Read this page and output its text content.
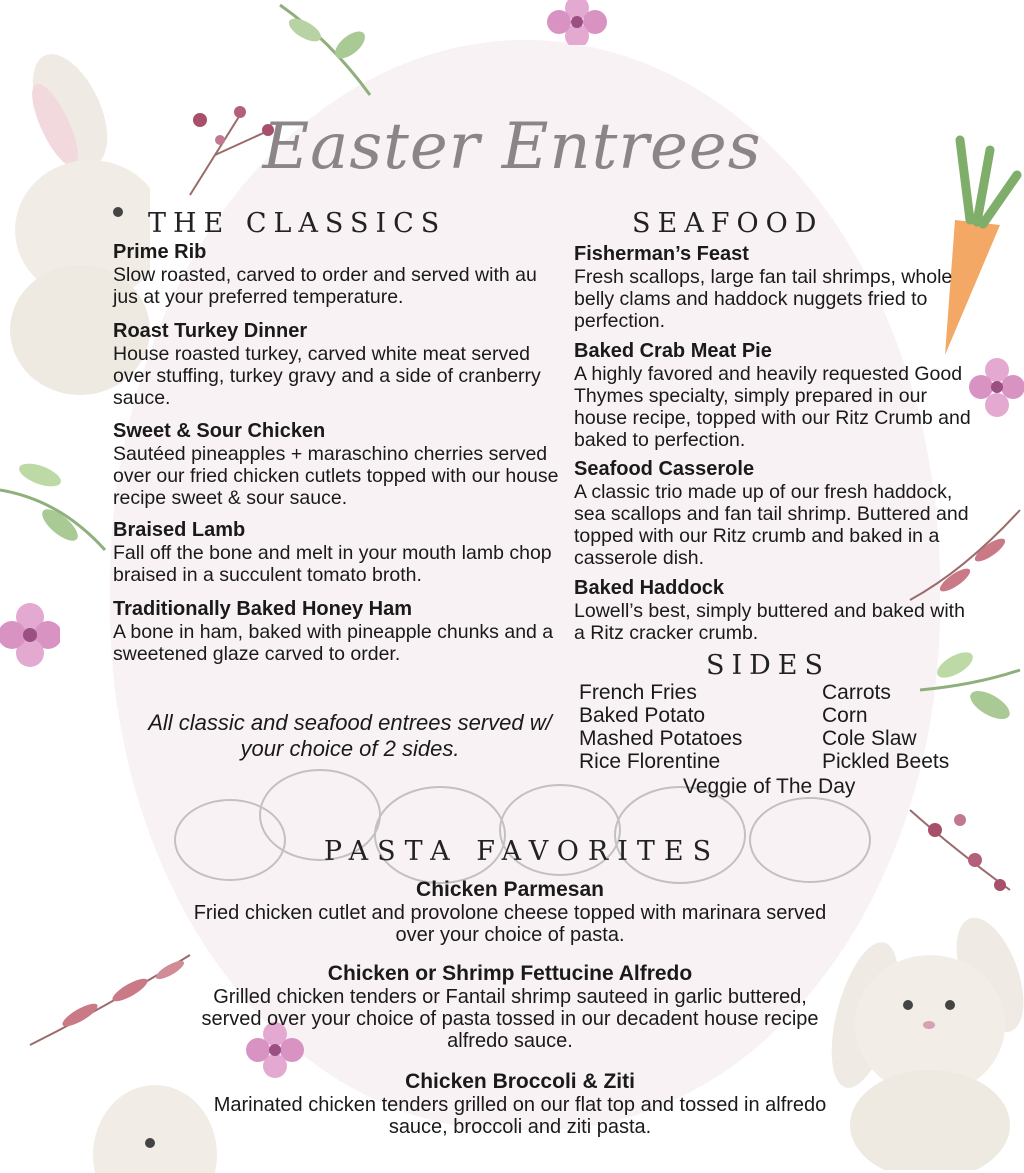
Easter Entrees
THE CLASSICS
Prime Rib
Slow roasted, carved to order and served with au jus at your preferred temperature.
Roast Turkey Dinner
House roasted turkey, carved white meat served over stuffing, turkey gravy and a side of cranberry sauce.
Sweet & Sour Chicken
Sautéed pineapples + maraschino cherries served over our fried chicken cutlets topped with our house recipe sweet & sour sauce.
Braised Lamb
Fall off the bone and melt in your mouth lamb chop braised in a succulent tomato broth.
Traditionally Baked Honey Ham
A bone in ham, baked with pineapple chunks and a sweetened glaze carved to order.
All classic and seafood entrees served w/ your choice of 2 sides.
SEAFOOD
Fisherman’s Feast
Fresh scallops, large fan tail shrimps, whole belly clams and haddock nuggets fried to perfection.
Baked Crab Meat Pie
A highly favored and heavily requested Good Thymes specialty, simply prepared in our house recipe, topped with our Ritz Crumb and baked to perfection.
Seafood Casserole
A classic trio made up of our fresh haddock, sea scallops and fan tail shrimp. Buttered and topped with our Ritz crumb and baked in a casserole dish.
Baked Haddock
Lowell’s best, simply buttered and baked with a Ritz cracker crumb.
SIDES
French Fries
Baked Potato
Mashed Potatoes
Rice Florentine
Carrots
Corn
Cole Slaw
Pickled Beets
Veggie of The Day
PASTA FAVORITES
Chicken Parmesan
Fried chicken cutlet and provolone cheese topped with marinara served over your choice of pasta.
Chicken or Shrimp Fettucine Alfredo
Grilled chicken tenders or Fantail shrimp sauteed in garlic buttered, served over your choice of pasta tossed in our decadent house recipe alfredo sauce.
Chicken Broccoli & Ziti
Marinated chicken tenders grilled on our flat top and tossed in alfredo sauce, broccoli and ziti pasta.
